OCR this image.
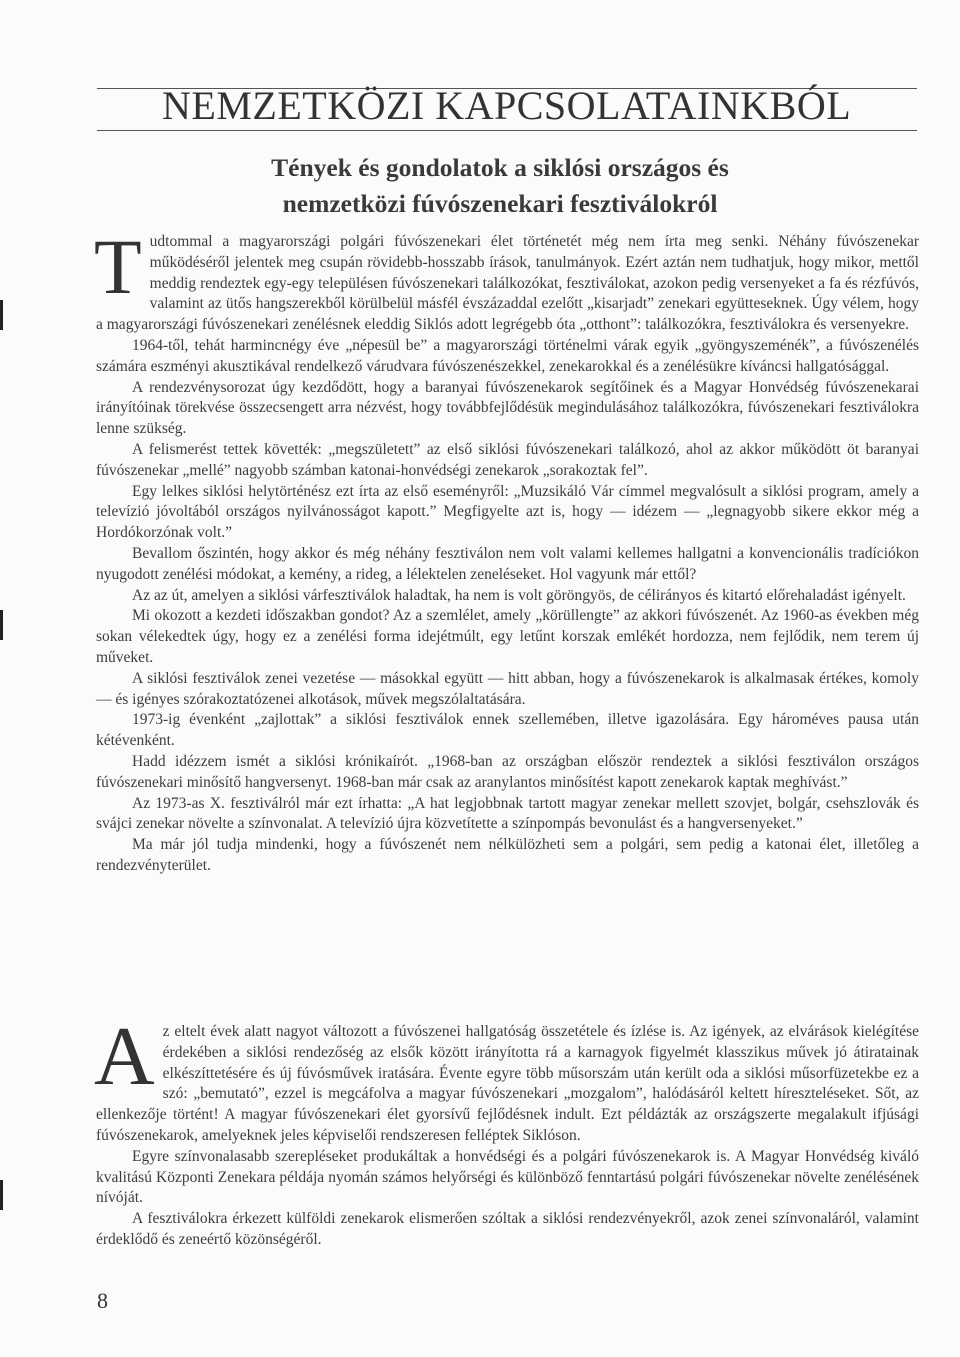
NEMZETKÖZI KAPCSOLATAINKBÓL
Tények és gondolatok a siklósi országos és
nemzetközi fúvószenekari fesztiválokról

Tudtommal a magyarországi polgári fúvószenekari élet történetét még nem írta meg senki. Néhány fúvószenekar működéséről jelentek meg csupán rövidebb-hosszabb írások, tanulmányok. Ezért aztán nem tudhatjuk, hogy mikor, mettől meddig rendeztek egy-egy településen fúvószenekari találkozókat, fesztiválokat, azokon pedig versenyeket a fa és rézfúvós, valamint az ütős hangszerekből körülbelül másfél évszázaddal ezelőtt „kisarjadt” zenekari együtteseknek. Úgy vélem, hogy a magyarországi fúvószenekari zenélésnek eleddig Siklós adott legrégebb óta „otthont”: találkozókra, fesztiválokra és versenyekre.

1964-től, tehát harmincnégy éve „népesül be” a magyarországi történelmi várak egyik „gyöngyszeménék”, a fúvószenélés számára eszményi akusztikával rendelkező várudvara fúvószenészekkel, zenekarokkal és a zenélésükre kíváncsi hallgatósággal.

A rendezvénysorozat úgy kezdődött, hogy a baranyai fúvószenekarok segítőinek és a Magyar Honvédség fúvószenekarai irányítóinak törekvése összecsengett arra nézvést, hogy továbbfejlődésük megindulásához találkozókra, fúvószenekari fesztiválokra lenne szükség.

A felismerést tettek követték: „megszületett” az első siklósi fúvószenekari találkozó, ahol az akkor működött öt baranyai fúvószenekar „mellé” nagyobb számban katonai-honvédségi zenekarok „sorakoztak fel”.

Egy lelkes siklósi helytörténész ezt írta az első eseményről: „Muzsikáló Vár címmel megvalósult a siklósi program, amely a televízió jóvoltából országos nyilvánosságot kapott.” Megfigyelte azt is, hogy — idézem — „legnagyobb sikere ekkor még a Hordókorzónak volt.”

Bevallom őszintén, hogy akkor és még néhány fesztiválon nem volt valami kellemes hallgatni a konvencionális tradíciókon nyugodott zenélési módokat, a kemény, a rideg, a lélektelen zeneléseket. Hol vagyunk már ettől?

Az az út, amelyen a siklósi várfesztiválok haladtak, ha nem is volt göröngyös, de célirányos és kitartó előrehaladást igényelt.

Mi okozott a kezdeti időszakban gondot? Az a szemlélet, amely „körüllengte” az akkori fúvószenét. Az 1960-as években még sokan vélekedtek úgy, hogy ez a zenélési forma idejétmúlt, egy letűnt korszak emlékét hordozza, nem fejlődik, nem terem új műveket.

A siklósi fesztiválok zenei vezetése — másokkal együtt — hitt abban, hogy a fúvószenekarok is alkalmasak értékes, komoly — és igényes szórakoztatózenei alkotások, művek megszólaltatására.

1973-ig évenként „zajlottak” a siklósi fesztiválok ennek szellemében, illetve igazolására. Egy hároméves pausa után kétévenként.

Hadd idézzem ismét a siklósi krónikaírót. „1968-ban az országban először rendeztek a siklósi fesztiválon országos fúvószenekari minősítő hangversenyt. 1968-ban már csak az aranylantos minősítést kapott zenekarok kaptak meghívást.”

Az 1973-as X. fesztiválról már ezt írhatta: „A hat legjobbnak tartott magyar zenekar mellett szovjet, bolgár, csehszlovák és svájci zenekar növelte a színvonalat. A televízió újra közvetítette a színpompás bevonulást és a hangversenyeket.”

Ma már jól tudja mindenki, hogy a fúvószenét nem nélkülözheti sem a polgári, sem pedig a katonai élet, illetőleg a rendezvényterület.

Az eltelt évek alatt nagyot változott a fúvószenei hallgatóság összetétele és ízlése is. Az igények, az elvárások kielégítése érdekében a siklósi rendezőség az elsők között irányította rá a karnagyok figyelmét klasszikus művek jó átiratainak elkészíttetésére és új fúvósművek iratására. Évente egyre több műsorszám után került oda a siklósi műsorfüzetekbe ez a szó: „bemutató”, ezzel is megcáfolva a magyar fúvószenekari „mozgalom”, halódásáról keltett híreszteléseket. Sőt, az ellenkezője történt! A magyar fúvószenekari élet gyorsívű fejlődésnek indult. Ezt példázták az országszerte megalakult ifjúsági fúvószenekarok, amelyeknek jeles képviselői rendszeresen felléptek Siklóson.

Egyre színvonalasabb szerepléseket produkáltak a honvédségi és a polgári fúvószenekarok is. A Magyar Honvédség kiváló kvalitású Központi Zenekara példája nyomán számos helyőrségi és különböző fenntartású polgári fúvószenekar növelte zenélésének nívóját.

A fesztiválokra érkezett külföldi zenekarok elismerően szóltak a siklósi rendezvényekről, azok zenei színvonaláról, valamint érdeklődő és zeneértő közönségéről.

8
